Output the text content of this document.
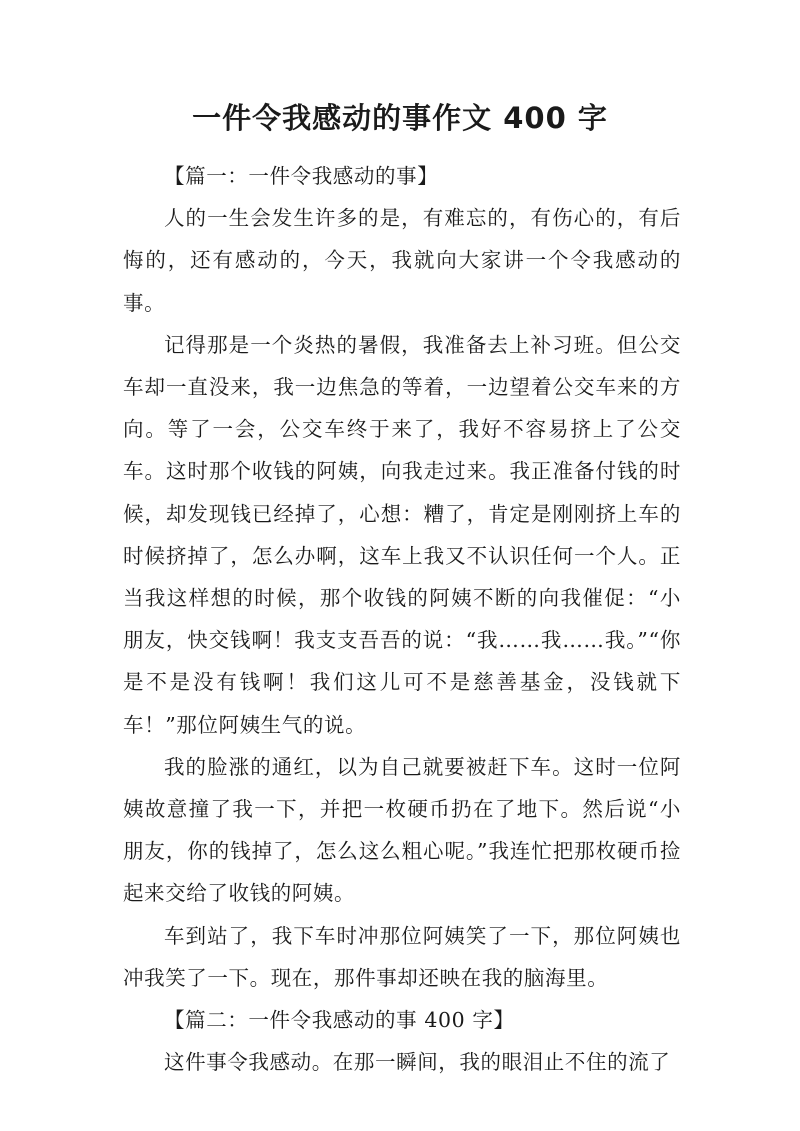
一件令我感动的事作文 400 字

【篇一：一件令我感动的事】

人的一生会发生许多的是，有难忘的，有伤心的，有后悔的，还有感动的，今天，我就向大家讲一个令我感动的事。

记得那是一个炎热的暑假，我准备去上补习班。但公交车却一直没来，我一边焦急的等着，一边望着公交车来的方向。等了一会，公交车终于来了，我好不容易挤上了公交车。这时那个收钱的阿姨，向我走过来。我正准备付钱的时候，却发现钱已经掉了，心想：糟了，肯定是刚刚挤上车的时候挤掉了，怎么办啊，这车上我又不认识任何一个人。正当我这样想的时候，那个收钱的阿姨不断的向我催促：“小朋友，快交钱啊！我支支吾吾的说：“我……我……我。”“你是不是没有钱啊！我们这儿可不是慈善基金，没钱就下车！”那位阿姨生气的说。

我的脸涨的通红，以为自己就要被赶下车。这时一位阿姨故意撞了我一下，并把一枚硬币扔在了地下。然后说“小朋友，你的钱掉了，怎么这么粗心呢。”我连忙把那枚硬币捡起来交给了收钱的阿姨。

车到站了，我下车时冲那位阿姨笑了一下，那位阿姨也冲我笑了一下。现在，那件事却还映在我的脑海里。

【篇二：一件令我感动的事 400 字】

这件事令我感动。在那一瞬间，我的眼泪止不住的流了
